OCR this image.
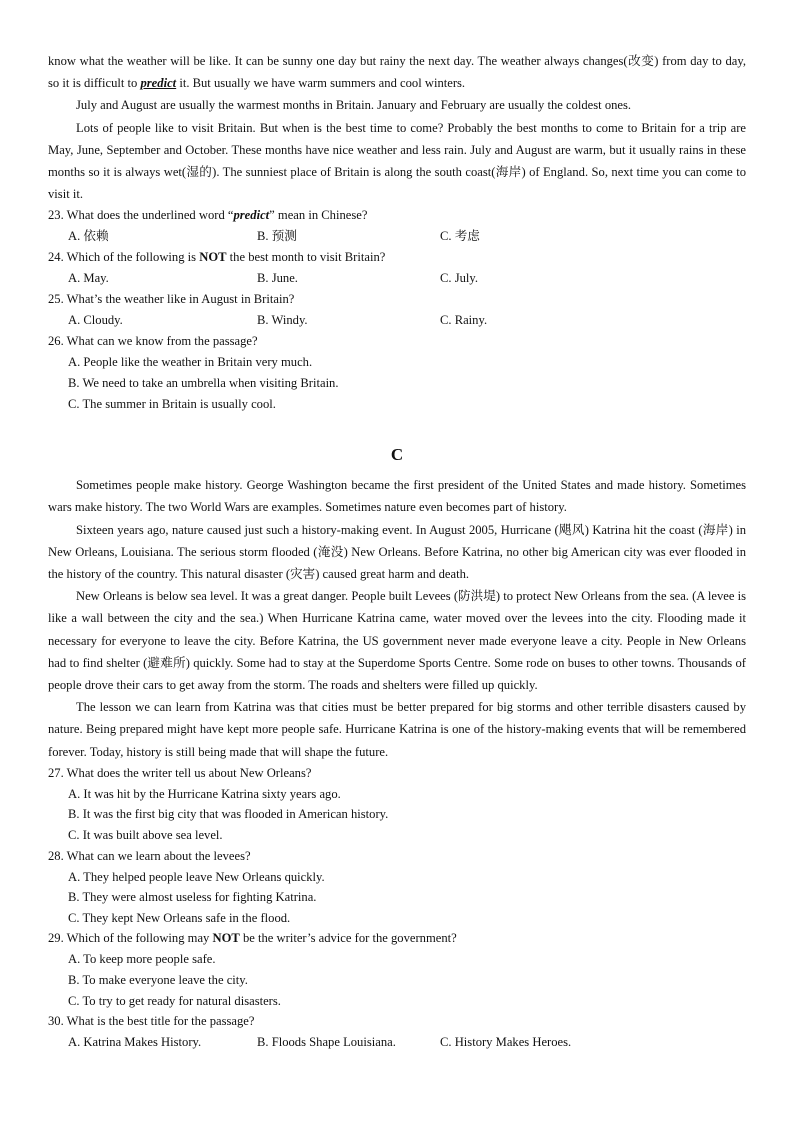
know what the weather will be like. It can be sunny one day but rainy the next day. The weather always changes(改变) from day to day, so it is difficult to predict it. But usually we have warm summers and cool winters.

July and August are usually the warmest months in Britain. January and February are usually the coldest ones.

Lots of people like to visit Britain. But when is the best time to come? Probably the best months to come to Britain for a trip are May, June, September and October. These months have nice weather and less rain. July and August are warm, but it usually rains in these months so it is always wet(湿的). The sunniest place of Britain is along the south coast(海岸) of England. So, next time you can come to visit it.

23. What does the underlined word “predict” mean in Chinese?

A. 依赖	B. 预测	C. 考虑

24. Which of the following is NOT the best month to visit Britain?

A. May.	B. June.	C. July.

25. What’s the weather like in August in Britain?

A. Cloudy.	B. Windy.	C. Rainy.

26. What can we know from the passage?

A. People like the weather in Britain very much.

B. We need to take an umbrella when visiting Britain.

C. The summer in Britain is usually cool.

C

Sometimes people make history. George Washington became the first president of the United States and made history. Sometimes wars make history. The two World Wars are examples. Sometimes nature even becomes part of history.

Sixteen years ago, nature caused just such a history-making event. In August 2005, Hurricane (飓风) Katrina hit the coast (海岸) in New Orleans, Louisiana. The serious storm flooded (淹没) New Orleans. Before Katrina, no other big American city was ever flooded in the history of the country. This natural disaster (灾害) caused great harm and death.

New Orleans is below sea level. It was a great danger. People built Levees (防洪堤) to protect New Orleans from the sea. (A levee is like a wall between the city and the sea.) When Hurricane Katrina came, water moved over the levees into the city. Flooding made it necessary for everyone to leave the city. Before Katrina, the US government never made everyone leave a city. People in New Orleans had to find shelter (避难所) quickly. Some had to stay at the Superdome Sports Centre. Some rode on buses to other towns. Thousands of people drove their cars to get away from the storm. The roads and shelters were filled up quickly.

The lesson we can learn from Katrina was that cities must be better prepared for big storms and other terrible disasters caused by nature. Being prepared might have kept more people safe. Hurricane Katrina is one of the history-making events that will be remembered forever. Today, history is still being made that will shape the future.

27. What does the writer tell us about New Orleans?

A. It was hit by the Hurricane Katrina sixty years ago.

B. It was the first big city that was flooded in American history.

C. It was built above sea level.

28. What can we learn about the levees?

A. They helped people leave New Orleans quickly.

B. They were almost useless for fighting Katrina.

C. They kept New Orleans safe in the flood.

29. Which of the following may NOT be the writer’s advice for the government?

A. To keep more people safe.

B. To make everyone leave the city.

C. To try to get ready for natural disasters.

30. What is the best title for the passage?

A. Katrina Makes History.	B. Floods Shape Louisiana.	C. History Makes Heroes.
